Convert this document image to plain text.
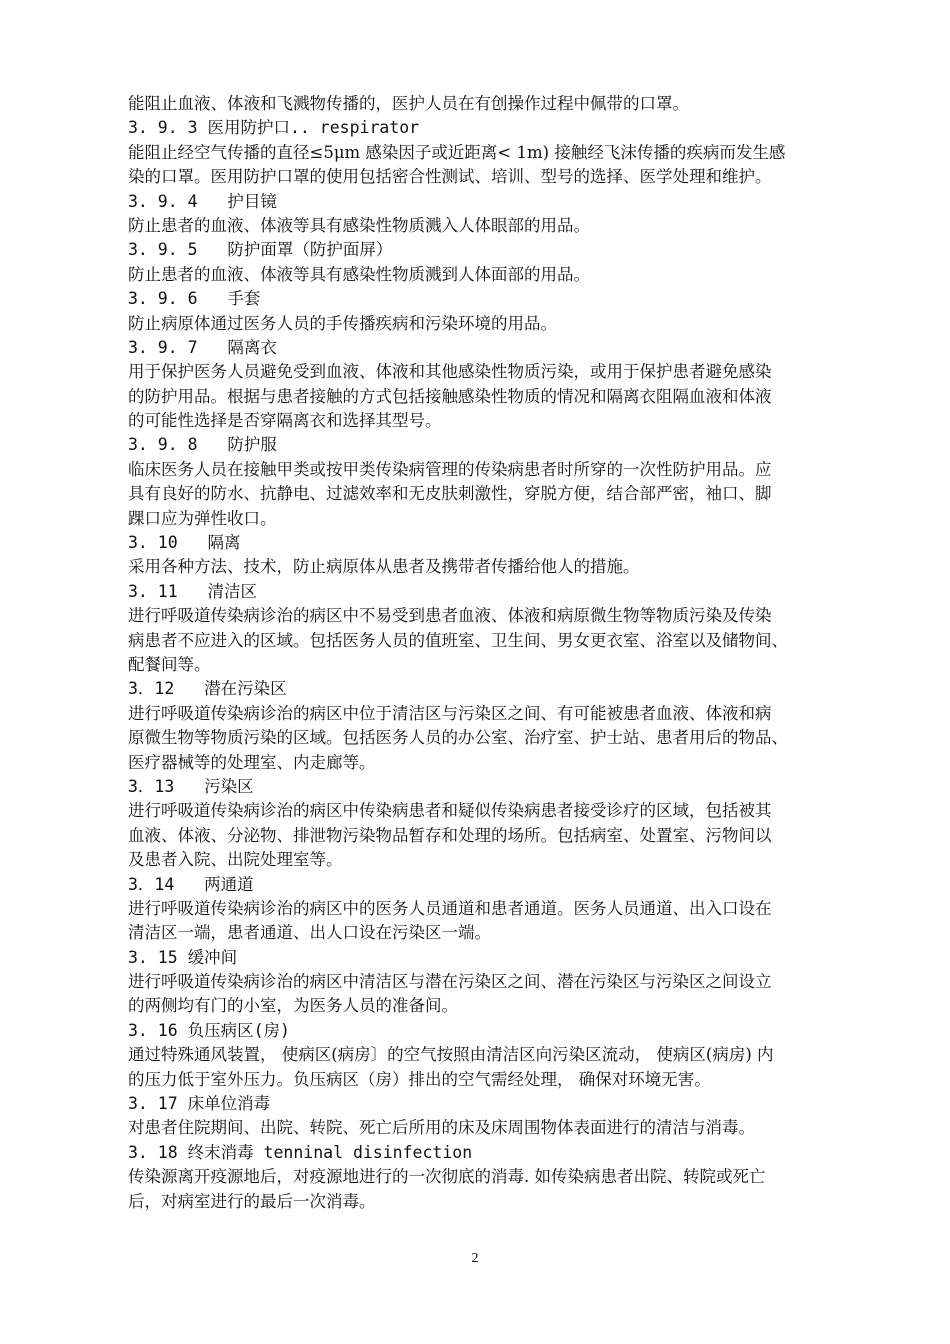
能阻止血液、体液和飞溅物传播的，医护人员在有创操作过程中佩带的口罩。
3. 9. 3 医用防护口.. respirator
能阻止经空气传播的直径≤5μm 感染因子或近距离< 1m) 接触经飞沫传播的疾病而发生感
染的口罩。医用防护口罩的使用包括密合性测试、培训、型号的选择、医学处理和维护。
3. 9. 4   护目镜
防止患者的血液、体液等具有感染性物质溅入人体眼部的用品。
3. 9. 5   防护面罩（防护面屏）
防止患者的血液、体液等具有感染性物质溅到人体面部的用品。
3. 9. 6   手套
防止病原体通过医务人员的手传播疾病和污染环境的用品。
3. 9. 7   隔离衣
用于保护医务人员避免受到血液、体液和其他感染性物质污染，或用于保护患者避免感染
的防护用品。根据与患者接触的方式包括接触感染性物质的情况和隔离衣阻隔血液和体液
的可能性选择是否穿隔离衣和选择其型号。
3. 9. 8   防护服
临床医务人员在接触甲类或按甲类传染病管理的传染病患者时所穿的一次性防护用品。应
具有良好的防水、抗静电、过滤效率和无皮肤刺激性，穿脱方便，结合部严密，袖口、脚
踝口应为弹性收口。
3. 10   隔离
采用各种方法、技术，防止病原体从患者及携带者传播给他人的措施。
3. 11   清洁区
进行呼吸道传染病诊治的病区中不易受到患者血液、体液和病原微生物等物质污染及传染
病患者不应进入的区域。包括医务人员的值班室、卫生间、男女更衣室、浴室以及储物间、
配餐间等。
3．12   潜在污染区
进行呼吸道传染病诊治的病区中位于清洁区与污染区之间、有可能被患者血液、体液和病
原微生物等物质污染的区域。包括医务人员的办公室、治疗室、护士站、患者用后的物品、
医疗器械等的处理室、内走廊等。
3．13   污染区
进行呼吸道传染病诊治的病区中传染病患者和疑似传染病患者接受诊疗的区域，包括被其
血液、体液、分泌物、排泄物污染物品暂存和处理的场所。包括病室、处置室、污物间以
及患者入院、出院处理室等。
3．14   两通道
进行呼吸道传染病诊治的病区中的医务人员通道和患者通道。医务人员通道、出入口设在
清洁区一端，患者通道、出人口设在污染区一端。
3. 15 缓冲间
进行呼吸道传染病诊治的病区中清洁区与潜在污染区之间、潜在污染区与污染区之间设立
的两侧均有门的小室，为医务人员的准备间。
3. 16 负压病区(房)
通过特殊通风装置， 使病区(病房〕的空气按照由清洁区向污染区流动， 使病区(病房) 内
的压力低于室外压力。负压病区（房）排出的空气需经处理， 确保对环境无害。
3. 17 床单位消毒
对患者住院期间、出院、转院、死亡后所用的床及床周围物体表面进行的清洁与消毒。
3. 18 终末消毒 tenninal disinfection
传染源离开疫源地后，对疫源地进行的一次彻底的消毒. 如传染病患者出院、转院或死亡
后，对病室进行的最后一次消毒。
2
